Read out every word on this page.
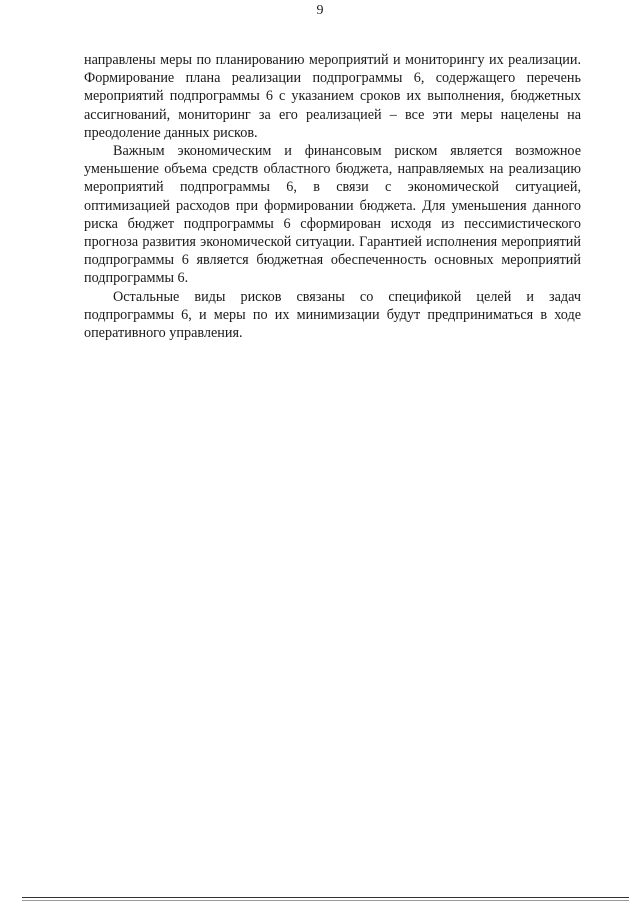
9

направлены меры по планированию мероприятий и мониторингу их реализации. Формирование плана реализации подпрограммы 6, содержащего перечень мероприятий подпрограммы 6 с указанием сроков их выполнения, бюджетных ассигнований, мониторинг за его реализацией – все эти меры нацелены на преодоление данных рисков.

Важным экономическим и финансовым риском является возможное уменьшение объема средств областного бюджета, направляемых на реализацию мероприятий подпрограммы 6, в связи с экономической ситуацией, оптимизацией расходов при формировании бюджета. Для уменьшения данного риска бюджет подпрограммы 6 сформирован исходя из пессимистического прогноза развития экономической ситуации. Гарантией исполнения мероприятий подпрограммы 6 является бюджетная обеспеченность основных мероприятий подпрограммы 6.

Остальные виды рисков связаны со спецификой целей и задач подпрограммы 6, и меры по их минимизации будут предприниматься в ходе оперативного управления.
